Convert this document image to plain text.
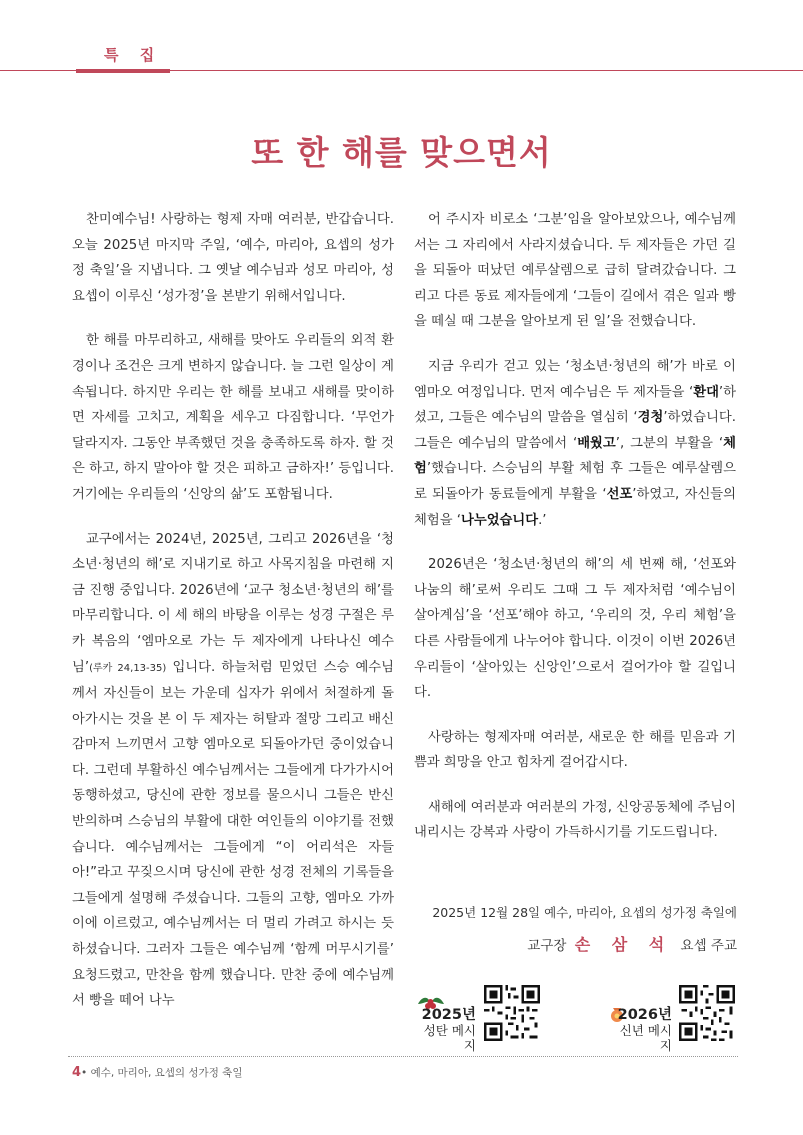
특 집
또 한 해를 맞으면서

찬미예수님! 사랑하는 형제 자매 여러분, 반갑습니다. 오늘 2025년 마지막 주일, ‘예수, 마리아, 요셉의 성가정 축일’을 지냅니다. 그 옛날 예수님과 성모 마리아, 성 요셉이 이루신 ‘성가정’을 본받기 위해서입니다.

한 해를 마무리하고, 새해를 맞아도 우리들의 외적 환경이나 조건은 크게 변하지 않습니다. 늘 그런 일상이 계속됩니다. 하지만 우리는 한 해를 보내고 새해를 맞이하면 자세를 고치고, 계획을 세우고 다짐합니다. ‘무언가 달라지자. 그동안 부족했던 것을 충족하도록 하자. 할 것은 하고, 하지 말아야 할 것은 피하고 금하자!’ 등입니다. 거기에는 우리들의 ‘신앙의 삶’도 포함됩니다.

교구에서는 2024년, 2025년, 그리고 2026년을 ‘청소년·청년의 해’로 지내기로 하고 사목지침을 마련해 지금 진행 중입니다. 2026년에 ‘교구 청소년·청년의 해’를 마무리합니다. 이 세 해의 바탕을 이루는 성경 구절은 루카 복음의 ‘엠마오로 가는 두 제자에게 나타나신 예수님’(루카 24,13-35) 입니다. 하늘처럼 믿었던 스승 예수님께서 자신들이 보는 가운데 십자가 위에서 처절하게 돌아가시는 것을 본 이 두 제자는 허탈과 절망 그리고 배신감마저 느끼면서 고향 엠마오로 되돌아가던 중이었습니다. 그런데 부활하신 예수님께서는 그들에게 다가가시어 동행하셨고, 당신에 관한 정보를 물으시니 그들은 반신반의하며 스승님의 부활에 대한 여인들의 이야기를 전했습니다. 예수님께서는 그들에게 “이 어리석은 자들아!”라고 꾸짖으시며 당신에 관한 성경 전체의 기록들을 그들에게 설명해 주셨습니다. 그들의 고향, 엠마오 가까이에 이르렀고, 예수님께서는 더 멀리 가려고 하시는 듯하셨습니다. 그러자 그들은 예수님께 ‘함께 머무시기를’ 요청드렸고, 만찬을 함께 했습니다. 만찬 중에 예수님께서 빵을 떼어 나누

어 주시자 비로소 ‘그분’임을 알아보았으나, 예수님께서는 그 자리에서 사라지셨습니다. 두 제자들은 가던 길을 되돌아 떠났던 예루살렘으로 급히 달려갔습니다. 그리고 다른 동료 제자들에게 ‘그들이 길에서 겪은 일과 빵을 떼실 때 그분을 알아보게 된 일’을 전했습니다.

지금 우리가 걷고 있는 ‘청소년·청년의 해’가 바로 이 엠마오 여정입니다. 먼저 예수님은 두 제자들을 ‘환대’하셨고, 그들은 예수님의 말씀을 열심히 ‘경청’하였습니다. 그들은 예수님의 말씀에서 ‘배웠고’, 그분의 부활을 ‘체험’했습니다. 스승님의 부활 체험 후 그들은 예루살렘으로 되돌아가 동료들에게 부활을 ‘선포’하였고, 자신들의 체험을 ‘나누었습니다.’

2026년은 ‘청소년·청년의 해’의 세 번째 해, ‘선포와 나눔의 해’로써 우리도 그때 그 두 제자처럼 ‘예수님이 살아계심’을 ‘선포’해야 하고, ‘우리의 것, 우리 체험’을 다른 사람들에게 나누어야 합니다. 이것이 이번 2026년 우리들이 ‘살아있는 신앙인’으로서 걸어가야 할 길입니다.

사랑하는 형제자매 여러분, 새로운 한 해를 믿음과 기쁨과 희망을 안고 힘차게 걸어갑시다.

새해에 여러분과 여러분의 가정, 신앙공동체에 주님이 내리시는 강복과 사랑이 가득하시기를 기도드립니다.

2025년 12월 28일 예수, 마리아, 요셉의 성가정 축일에
교구장 손 삼 석 요셉 주교
2025년
성탄 메시지
2026년
신년 메시지
4• 예수, 마리아, 요셉의 성가정 축일
